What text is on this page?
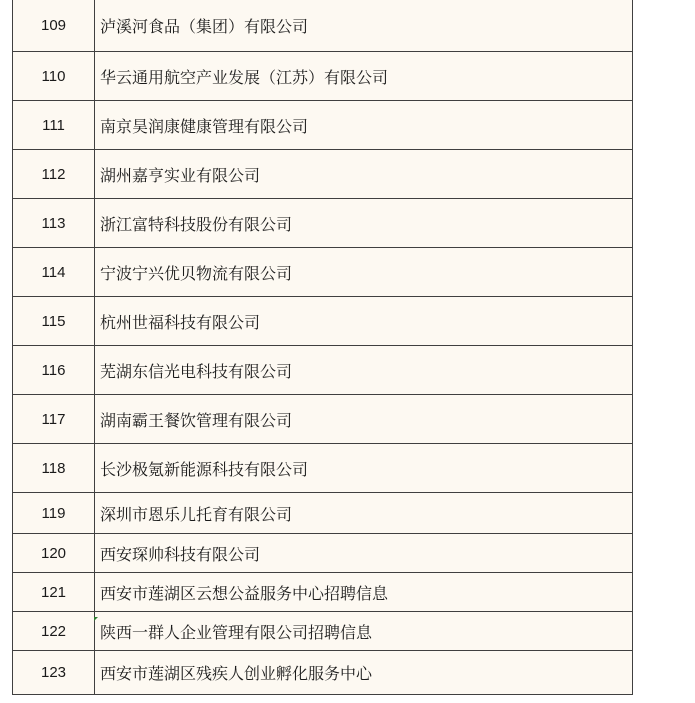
109	泸溪河食品（集团）有限公司
110	华云通用航空产业发展（江苏）有限公司
111	南京昊润康健康管理有限公司
112	湖州嘉亨实业有限公司
113	浙江富特科技股份有限公司
114	宁波宁兴优贝物流有限公司
115	杭州世福科技有限公司
116	芜湖东信光电科技有限公司
117	湖南霸王餐饮管理有限公司
118	长沙极氪新能源科技有限公司
119	深圳市恩乐儿托育有限公司
120	西安琛帅科技有限公司
121	西安市莲湖区云想公益服务中心招聘信息
122	陕西一群人企业管理有限公司招聘信息
123	西安市莲湖区残疾人创业孵化服务中心
